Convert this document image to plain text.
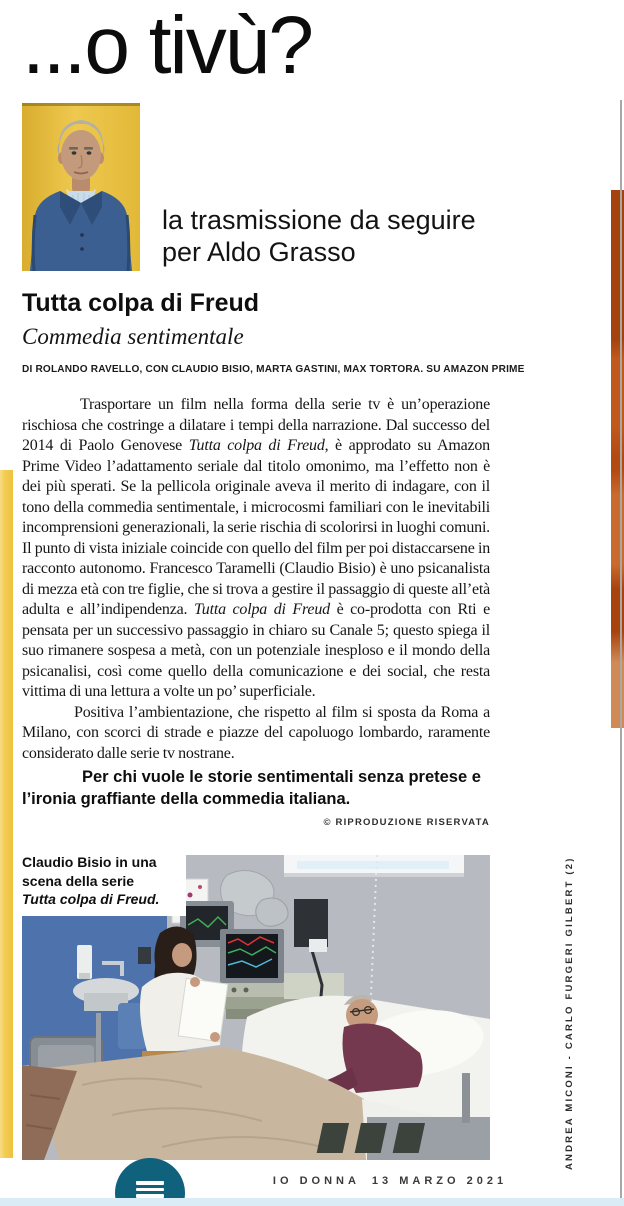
...o tivù?
la trasmissione da seguire per Aldo Grasso
Tutta colpa di Freud
Commedia sentimentale
DI ROLANDO RAVELLO, CON CLAUDIO BISIO, MARTA GASTINI, MAX TORTORA. SU AMAZON PRIME

Trasportare un film nella forma della serie tv è un’operazione rischiosa che costringe a dilatare i tempi della narrazione. Dal successo del 2014 di Paolo Genovese Tutta colpa di Freud, è approdato su Amazon Prime Video l’adattamento seriale dal titolo omonimo, ma l’effetto non è dei più sperati. Se la pellicola originale aveva il merito di indagare, con il tono della commedia sentimentale, i microcosmi familiari con le inevitabili incomprensioni generazionali, la serie rischia di scolorirsi in luoghi comuni. Il punto di vista iniziale coincide con quello del film per poi distaccarsene in racconto autonomo. Francesco Taramelli (Claudio Bisio) è uno psicanalista di mezza età con tre figlie, che si trova a gestire il passaggio di queste all’età adulta e all’indipendenza. Tutta colpa di Freud è co-prodotta con Rti e pensata per un successivo passaggio in chiaro su Canale 5; questo spiega il suo rimanere sospesa a metà, con un potenziale inesploso e il mondo della psicanalisi, così come quello della comunicazione e dei social, che resta vittima di una lettura a volte un po’ superficiale.

Positiva l’ambientazione, che rispetto al film si sposta da Roma a Milano, con scorci di strade e piazze del capoluogo lombardo, raramente considerato dalle serie tv nostrane.

Per chi vuole le storie sentimentali senza pretese e l’ironia graffiante della commedia italiana.
© RIPRODUZIONE RISERVATA
Claudio Bisio in una
scena della serie
Tutta colpa di Freud.	ANDREA MICONI - CARLO FURGERI GILBERT (2)
IO DONNA 13 MARZO 2021
